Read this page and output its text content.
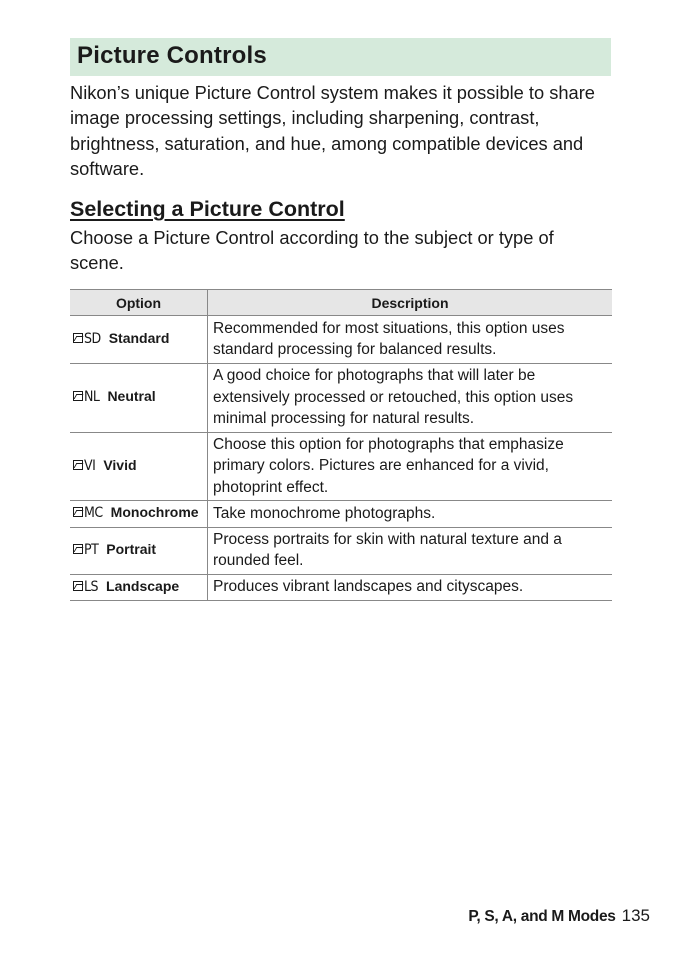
Picture Controls

Nikon’s unique Picture Control system makes it possible to share image processing settings, including sharpening, contrast, brightness, saturation, and hue, among compatible devices and software.

Selecting a Picture Control

Choose a Picture Control according to the subject or type of scene.

Option	Description
SD Standard	Recommended for most situations, this option uses standard processing for balanced results.
NL Neutral	A good choice for photographs that will later be extensively processed or retouched, this option uses minimal processing for natural results.
VI Vivid	Choose this option for photographs that emphasize primary colors. Pictures are enhanced for a vivid, photoprint effect.
MC Monochrome	Take monochrome photographs.
PT Portrait	Process portraits for skin with natural texture and a rounded feel.
LS Landscape	Produces vibrant landscapes and cityscapes.
P, S, A, and M Modes 135
